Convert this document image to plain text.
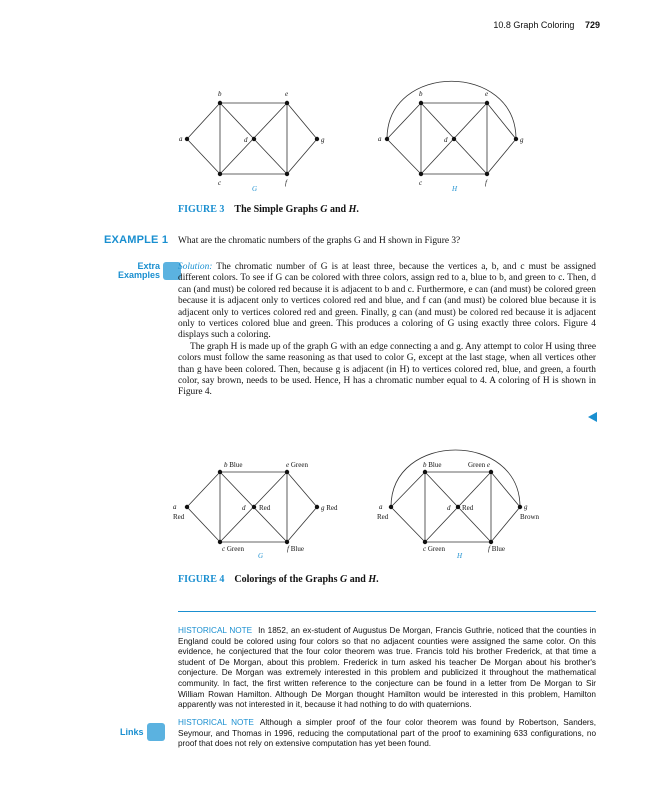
10.8 Graph Coloring 729
a
b
c
d
e
f
g
G
a
b
c
d
e
f
g
H
FIGURE 3 The Simple Graphs G and H.
EXAMPLE 1 What are the chromatic numbers of the graphs G and H shown in Figure 3?
Extra
Examples

Solution: The chromatic number of G is at least three, because the vertices a, b, and c must be assigned different colors. To see if G can be colored with three colors, assign red to a, blue to b, and green to c. Then, d can (and must) be colored red because it is adjacent to b and c. Furthermore, e can (and must) be colored green because it is adjacent only to vertices colored red and blue, and f can (and must) be colored blue because it is adjacent only to vertices colored red and green. Finally, g can (and must) be colored red because it is adjacent only to vertices colored blue and green. This produces a coloring of G using exactly three colors. Figure 4 displays such a coloring.

The graph H is made up of the graph G with an edge connecting a and g. Any attempt to color H using three colors must follow the same reasoning as that used to color G, except at the last stage, when all vertices other than g have been colored. Then, because g is adjacent (in H) to vertices colored red, blue, and green, a fourth color, say brown, needs to be used. Hence, H has a chromatic number equal to 4. A coloring of H is shown in Figure 4.

b Blue	e Green
a
Red
d Red	g Red
c Green	f Blue
G
b Blue	Green e
a
Red
d Red	g
Brown
c Green	f Blue
H
FIGURE 4 Colorings of the Graphs G and H.
HISTORICAL NOTE In 1852, an ex-student of Augustus De Morgan, Francis Guthrie, noticed that the counties in England could be colored using four colors so that no adjacent counties were assigned the same color. On this evidence, he conjectured that the four color theorem was true. Francis told his brother Frederick, at that time a student of De Morgan, about this problem. Frederick in turn asked his teacher De Morgan about his brother's conjecture. De Morgan was extremely interested in this problem and publicized it throughout the mathematical community. In fact, the first written reference to the conjecture can be found in a letter from De Morgan to Sir William Rowan Hamilton. Although De Morgan thought Hamilton would be interested in this problem, Hamilton apparently was not interested in it, because it had nothing to do with quaternions.
Links
HISTORICAL NOTE Although a simpler proof of the four color theorem was found by Robertson, Sanders, Seymour, and Thomas in 1996, reducing the computational part of the proof to examining 633 configurations, no proof that does not rely on extensive computation has yet been found.
